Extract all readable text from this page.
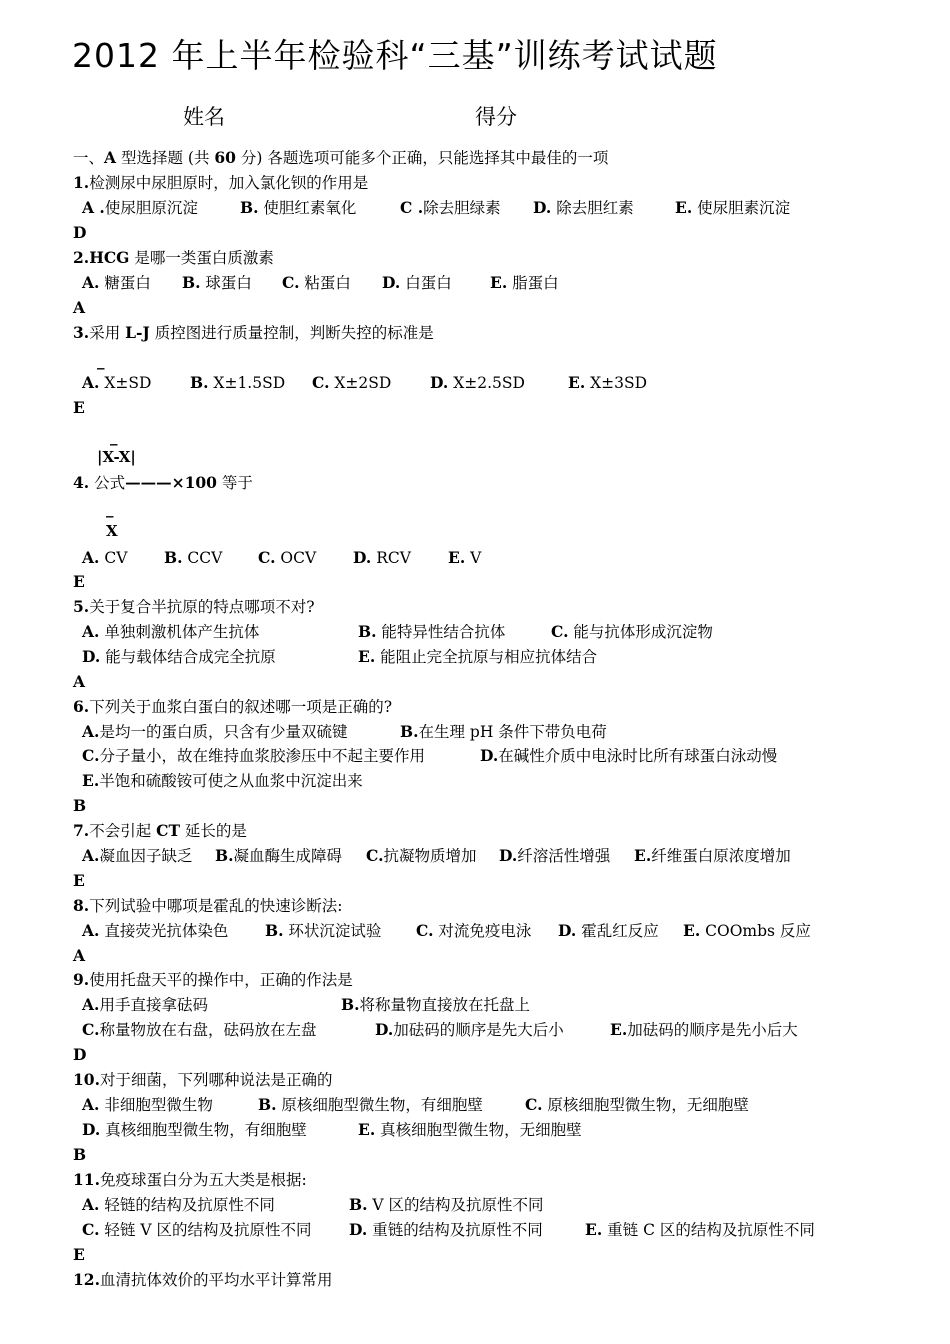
2012 年上半年检验科“三基”训练考试试题
姓名	得分
一、A 型选择题 (共 60 分) 各题选项可能多个正确，只能选择其中最佳的一项
1.检测尿中尿胆原时，加入氯化钡的作用是
A .使尿胆原沉淀	B. 使胆红素氧化	C .除去胆绿素 D. 除去胆红素	E. 使尿胆素沉淀
D
2.HCG 是哪一类蛋白质激素
A. 糖蛋白 B. 球蛋白 C. 粘蛋白 D. 白蛋白 E. 脂蛋白
A
3.采用 L-J 质控图进行质量控制，判断失控的标准是
A. X±SD B. X±1.5SD C. X±2SD D. X±2.5SD	E. X±3SD
E
4. 公式———×100 等于
A. CV B. CCV C. OCV D. RCV E. V
E
5.关于复合半抗原的特点哪项不对?
A. 单独刺激机体产生抗体	B. 能特异性结合抗体	C. 能与抗体形成沉淀物
D. 能与载体结合成完全抗原	E. 能阻止完全抗原与相应抗体结合
A
6.下列关于血浆白蛋白的叙述哪一项是正确的?
A.是均一的蛋白质，只含有少量双硫键	B.在生理 pH 条件下带负电荷
C.分子量小，故在维持血浆胶渗压中不起主要作用	D.在碱性介质中电泳时比所有球蛋白泳动慢
E.半饱和硫酸铵可使之从血浆中沉淀出来
B
7.不会引起 CT 延长的是
A.凝血因子缺乏 B.凝血酶生成障碍 C.抗凝物质增加 D.纤溶活性增强 E.纤维蛋白原浓度增加
E
8.下列试验中哪项是霍乱的快速诊断法:
A. 直接荧光抗体染色 B. 环状沉淀试验 C. 对流免疫电泳 D. 霍乱红反应 E. COOmbs 反应
A
9.使用托盘天平的操作中，正确的作法是
A.用手直接拿砝码	B.将称量物直接放在托盘上
C.称量物放在右盘，砝码放在左盘	D.加砝码的顺序是先大后小	E.加砝码的顺序是先小后大
D
10.对于细菌，下列哪种说法是正确的
A. 非细胞型微生物	B. 原核细胞型微生物，有细胞壁	C. 原核细胞型微生物，无细胞壁
D. 真核细胞型微生物，有细胞壁	E. 真核细胞型微生物，无细胞壁
B
11.免疫球蛋白分为五大类是根据:
A. 轻链的结构及抗原性不同	B. V 区的结构及抗原性不同
C. 轻链 V 区的结构及抗原性不同 D. 重链的结构及抗原性不同	E. 重链 C 区的结构及抗原性不同
E
12.血清抗体效价的平均水平计算常用
_
_
|X-X|
_
X
